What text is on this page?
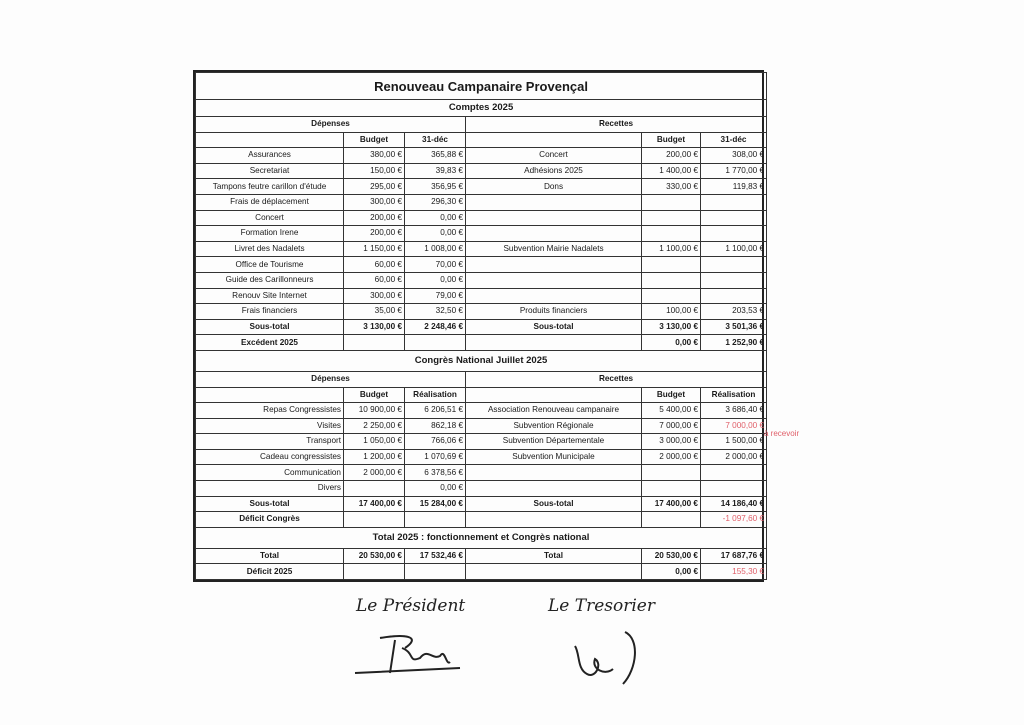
Renouveau Campanaire Provençal					
Comptes 2025					
Dépenses			Recettes		
	Budget	31-déc		Budget	31-déc
Assurances	380,00 €	365,88 €	Concert	200,00 €	308,00 €
Secretariat	150,00 €	39,83 €	Adhésions 2025	1 400,00 €	1 770,00 €
Tampons feutre carillon d'étude	295,00 €	356,95 €	Dons	330,00 €	119,83 €
Frais de déplacement	300,00 €	296,30 €			
Concert	200,00 €	0,00 €			
Formation Irene	200,00 €	0,00 €			
Livret des Nadalets	1 150,00 €	1 008,00 €	Subvention Mairie Nadalets	1 100,00 €	1 100,00 €
Office de Tourisme	60,00 €	70,00 €			
Guide des Carillonneurs	60,00 €	0,00 €			
Renouv Site Internet	300,00 €	79,00 €			
Frais financiers	35,00 €	32,50 €	Produits financiers	100,00 €	203,53 €
Sous-total	3 130,00 €	2 248,46 €	Sous-total	3 130,00 €	3 501,36 €
Excédent 2025				0,00 €	1 252,90 €
Congrès National Juillet 2025					
Dépenses			Recettes		
	Budget	Réalisation		Budget	Réalisation
Repas Congressistes	10 900,00 €	6 206,51 €	Association Renouveau campanaire	5 400,00 €	3 686,40 €
Visites	2 250,00 €	862,18 €	Subvention Régionale	7 000,00 €	7 000,00 €
Transport	1 050,00 €	766,06 €	Subvention Départementale	3 000,00 €	1 500,00 €
Cadeau congressistes	1 200,00 €	1 070,69 €	Subvention Municipale	2 000,00 €	2 000,00 €
Communication	2 000,00 €	6 378,56 €			
Divers		0,00 €			
Sous-total	17 400,00 €	15 284,00 €	Sous-total	17 400,00 €	14 186,40 €
Déficit Congrès					-1 097,60 €
Total 2025 : fonctionnement et Congrès national					
Total	20 530,00 €	17 532,46 €	Total	20 530,00 €	17 687,76 €
Déficit 2025				0,00 €	155,30 €
à recevoir
Le Président	Le Tresorier
